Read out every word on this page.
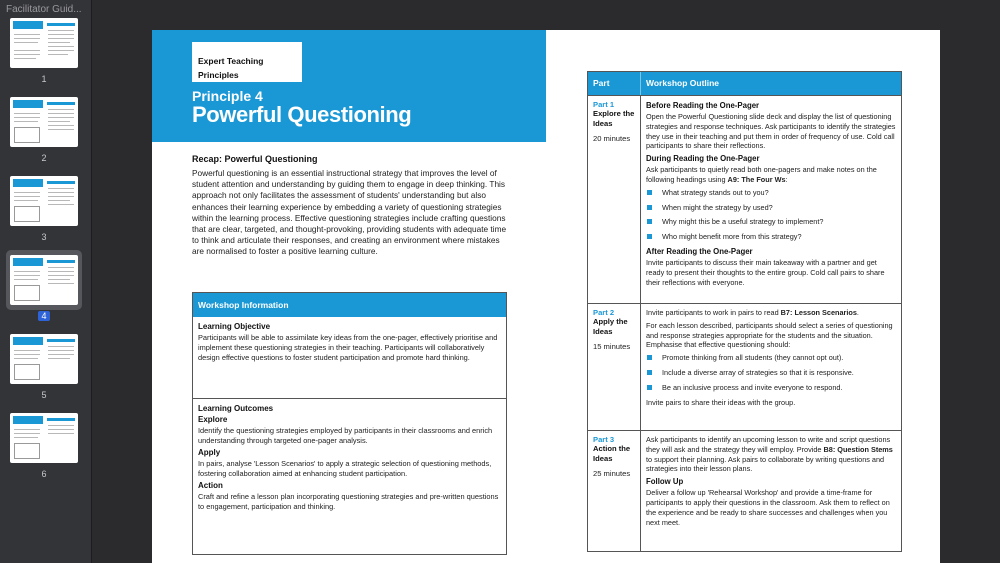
Facilitator Guid...
1
2
3
4
5
6
Expert Teaching Principles
Principle 4
Powerful Questioning
Recap: Powerful Questioning
Powerful questioning is an essential instructional strategy that improves the level of student attention and understanding by guiding them to engage in deep thinking. This approach not only facilitates the assessment of students' understanding but also enhances their learning experience by embedding a variety of questioning strategies within the learning process. Effective questioning strategies include crafting questions that are clear, targeted, and thought-provoking, providing students with adequate time to think and articulate their responses, and creating an environment where mistakes are normalised to foster a positive learning culture.
Workshop Information
Learning Objective

Participants will be able to assimilate key ideas from the one-pager, effectively prioritise and implement these questioning strategies in their teaching. Participants will collaboratively design effective questions to foster student participation and promote hard thinking.

Learning Outcomes
Explore

Identify the questioning strategies employed by participants in their classrooms and enrich understanding through targeted one-pager analysis.

Apply

In pairs, analyse 'Lesson Scenarios' to apply a strategic selection of questioning methods, fostering collaboration aimed at enhancing student participation.

Action

Craft and refine a lesson plan incorporating questioning strategies and pre-written questions to engagement, participation and thinking.

Part	Workshop Outline
Part 1
Explore the Ideas
20 minutes
Before Reading the One-Pager

Open the Powerful Questioning slide deck and display the list of questioning strategies and response techniques. Ask participants to identify the strategies they use in their teaching and put them in order of frequency of use. Cold call participants to share their reflections.

During Reading the One-Pager

Ask participants to quietly read both one-pagers and make notes on the following headings using A9: The Four Ws:

What strategy stands out to you?
When might the strategy by used?
Why might this be a useful strategy to implement?
Who might benefit more from this strategy?
After Reading the One-Pager

Invite participants to discuss their main takeaway with a partner and get ready to present their thoughts to the entire group. Cold call pairs to share their reflections with everyone.

Part 2
Apply the Ideas
15 minutes

Invite participants to work in pairs to read B7: Lesson Scenarios.

For each lesson described, participants should select a series of questioning and response strategies appropriate for the students and the situation. Emphasise that effective questioning should:

Promote thinking from all students (they cannot opt out).
Include a diverse array of strategies so that it is responsive.
Be an inclusive process and invite everyone to respond.

Invite pairs to share their ideas with the group.

Part 3
Action the Ideas
25 minutes

Ask participants to identify an upcoming lesson to write and script questions they will ask and the strategy they will employ. Provide B8: Question Stems to support their planning. Ask pairs to collaborate by writing questions and strategies into their lesson plans.

Follow Up

Deliver a follow up 'Rehearsal Workshop' and provide a time-frame for participants to apply their questions in the classroom. Ask them to reflect on the experience and be ready to share successes and challenges when you next meet.
